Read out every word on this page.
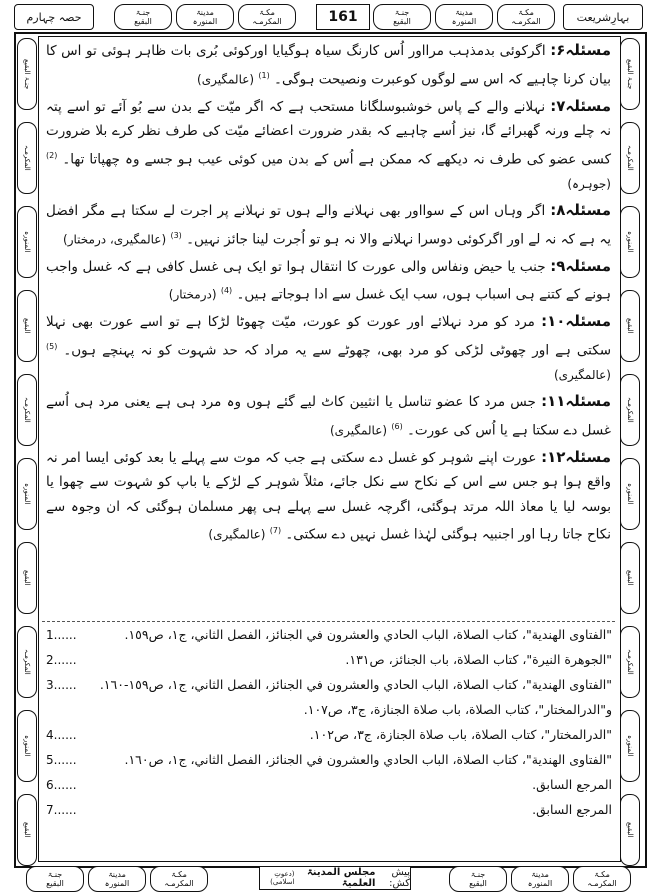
بہارِشریعت
مکـۃ
المکرمـہ
مدینۃ
المنورہ
جنـۃ
البقیع
161
مکـۃ
المکرمـہ
مدینۃ
المنورہ
جنـۃ
البقیع
حصہ چہارم
جنـۃ البقیع
المکرمـہ
المنورہ
البقیع
المکرمـہ
المنورہ
البقیع
المکرمـہ
المنورہ
البقیع
جنـۃ البقیع
المکرمـہ
المنورہ
البقیع
المکرمـہ
المنورہ
البقیع
المکرمـہ
المنورہ
البقیع

مسئلہ۶: اگرکوئی بدمذہب مرااور اُس کارنگ سیاہ ہوگیایا اورکوئی بُری بات ظاہر ہوئی تو اس کا بیان کرنا چاہیے کہ اس سے لوگوں کوعبرت ونصیحت ہوگی۔ $^{(1)}$ (عالمگیری)

مسئلہ۷: نہلانے والے کے پاس خوشبوسلگانا مستحب ہے کہ اگر میّت کے بدن سے بُو آئے تو اسے پتہ نہ چلے ورنہ گھبرائے گا، نیز اُسے چاہیے کہ بقدر ضرورت اعضائے میّت کی طرف نظر کرے بلا ضرورت کسی عضو کی طرف نہ دیکھے کہ ممکن ہے اُس کے بدن میں کوئی عیب ہو جسے وہ چھپاتا تھا۔ $^{(2)}$ (جوہرہ)

مسئلہ۸: اگر وہاں اس کے سوااور بھی نہلانے والے ہوں تو نہلانے پر اجرت لے سکتا ہے مگر افضل یہ ہے کہ نہ لے اور اگرکوئی دوسرا نہلانے والا نہ ہو تو اُجرت لینا جائز نہیں۔ $^{(3)}$ (عالمگیری، درمختار)

مسئلہ۹: جنب یا حیض ونفاس والی عورت کا انتقال ہوا تو ایک ہی غسل کافی ہے کہ غسل واجب ہونے کے کتنے ہی اسباب ہوں، سب ایک غسل سے ادا ہوجاتے ہیں۔ $^{(4)}$ (درمختار)

مسئلہ۱۰: مرد کو مرد نہلائے اور عورت کو عورت، میّت چھوٹا لڑکا ہے تو اسے عورت بھی نہلا سکتی ہے اور چھوٹی لڑکی کو مرد بھی، چھوٹے سے یہ مراد کہ حد شہوت کو نہ پہنچے ہوں۔ $^{(5)}$ (عالمگیری)

مسئلہ۱۱: جس مرد کا عضو تناسل یا انثیین کاٹ لیے گئے ہوں وہ مرد ہی ہے یعنی مرد ہی اُسے غسل دے سکتا ہے یا اُس کی عورت۔ $^{(6)}$ (عالمگیری)

مسئلہ۱۲: عورت اپنے شوہر کو غسل دے سکتی ہے جب کہ موت سے پہلے یا بعد کوئی ایسا امر نہ واقع ہوا ہو جس سے اس کے نکاح سے نکل جائے، مثلاً شوہر کے لڑکے یا باپ کو شہوت سے چھوا یا بوسہ لیا یا معاذ اللہ مرتد ہوگئی، اگرچہ غسل سے پہلے ہی پھر مسلمان ہوگئی کہ ان وجوہ سے نکاح جاتا رہا اور اجنبیہ ہوگئی لہٰذا غسل نہیں دے سکتی۔ $^{(7)}$ (عالمگیری)

1......	"الفتاوى الهندية"، كتاب الصلاة، الباب الحادي والعشرون في الجنائز، الفصل الثاني، ج١، ص١٥٩.
2......	"الجوهرة النيرة"، كتاب الصلاة، باب الجنائز، ص١٣١.
3......	"الفتاوى الهندية"، كتاب الصلاة، الباب الحادي والعشرون في الجنائز، الفصل الثاني، ج١، ص١٥٩-١٦٠.
و"الدرالمختار"، كتاب الصلاة، باب صلاة الجنازة، ج٣، ص١٠٧.
4......	"الدرالمختار"، كتاب الصلاة، باب صلاة الجنازة، ج٣، ص١٠٢.
5......	"الفتاوى الهندية"، كتاب الصلاة، الباب الحادي والعشرون في الجنائز، الفصل الثاني، ج١، ص١٦٠.
6......	المرجع السابق.
7......	المرجع السابق.
مکـۃ
المکرمـہ
مدینۃ
المنورہ
جنـۃ
البقیع
پیش کش:

مجلس المدینۃ العلمیۃ

(دعوتِ اسلامی)
مکـۃ
المکرمـہ
مدینۃ
المنورہ
جنـۃ
البقیع
